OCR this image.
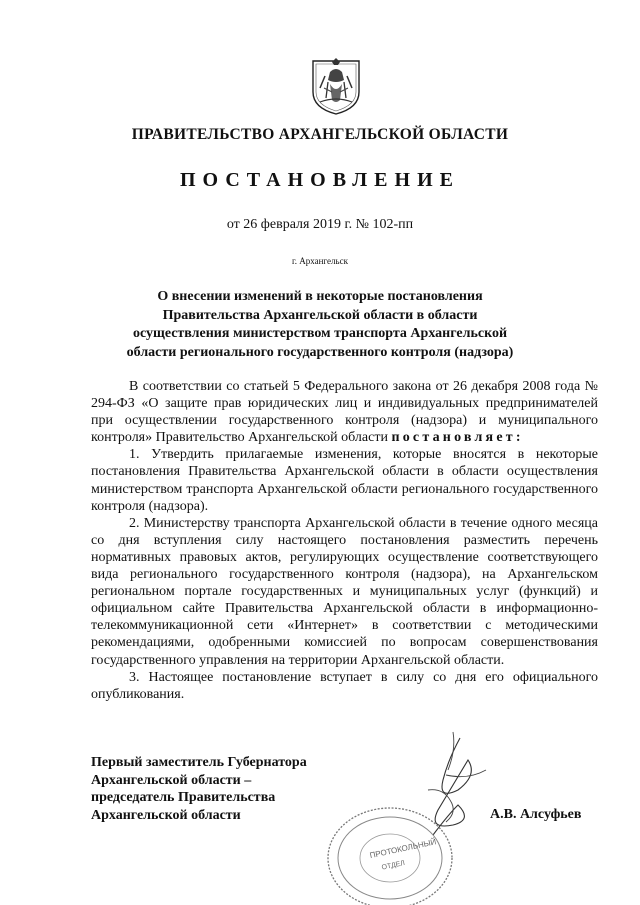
ПРАВИТЕЛЬСТВО АРХАНГЕЛЬСКОЙ ОБЛАСТИ
ПОСТАНОВЛЕНИЕ
от 26 февраля 2019 г. № 102-пп
г. Архангельск
О внесении изменений в некоторые постановления
Правительства Архангельской области в области
осуществления министерством транспорта Архангельской
области регионального государственного контроля (надзора)

В соответствии со статьей 5 Федерального закона от 26 декабря 2008 года № 294-ФЗ «О защите прав юридических лиц и индивидуальных предпринимателей при осуществлении государственного контроля (надзора) и муниципального контроля» Правительство Архангельской области постановляет:

1. Утвердить прилагаемые изменения, которые вносятся в некоторые постановления Правительства Архангельской области в области осуществления министерством транспорта Архангельской области регионального государственного контроля (надзора).

2. Министерству транспорта Архангельской области в течение одного месяца со дня вступления силу настоящего постановления разместить перечень нормативных правовых актов, регулирующих осуществление соответствующего вида регионального государственного контроля (надзора), на Архангельском региональном портале государственных и муниципальных услуг (функций) и официальном сайте Правительства Архангельской области в информационно-телекоммуникационной сети «Интернет» в соответствии с методическими рекомендациями, одобренными комиссией по вопросам совершенствования государственного управления на территории Архангельской области.

3. Настоящее постановление вступает в силу со дня его официального опубликования.

Первый заместитель Губернатора
Архангельской области –
председатель Правительства
Архангельской области	А.В. Алсуфьев
ПРОТОКОЛЬНЫЙ
ОТДЕЛ
